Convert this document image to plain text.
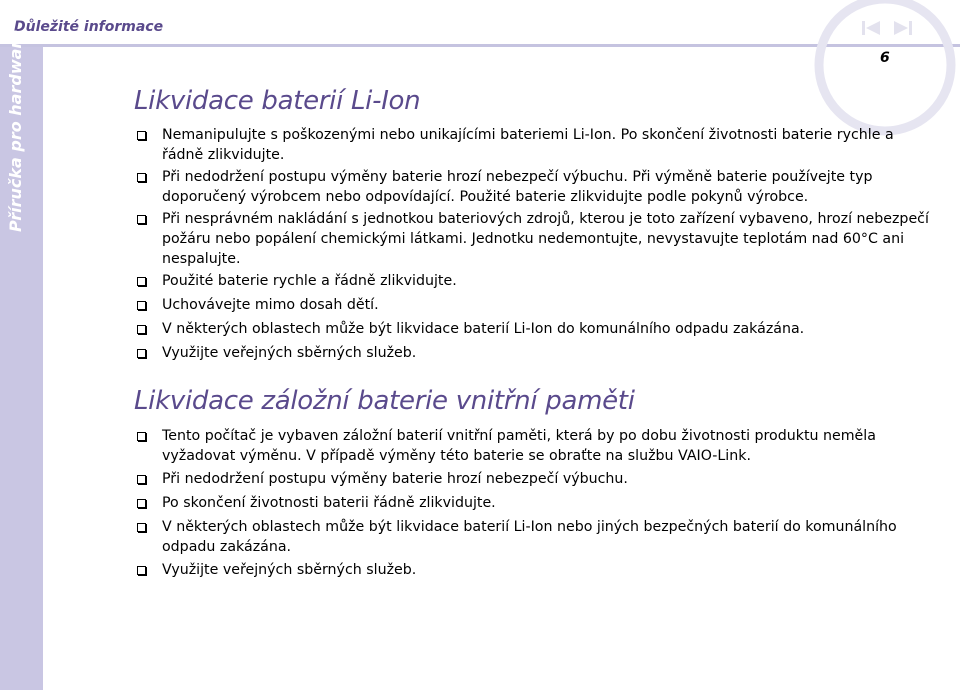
Důležité informace
6
Příručka pro hardware	Likvidace baterií Li-Ion
Nemanipulujte s poškozenými nebo unikajícími bateriemi Li-Ion. Po skončení životnosti baterie rychle a řádně zlikvidujte.
Při nedodržení postupu výměny baterie hrozí nebezpečí výbuchu. Při výměně baterie používejte typ doporučený výrobcem nebo odpovídající. Použité baterie zlikvidujte podle pokynů výrobce.
Při nesprávném nakládání s jednotkou bateriových zdrojů, kterou je toto zařízení vybaveno, hrozí nebezpečí požáru nebo popálení chemickými látkami. Jednotku nedemontujte, nevystavujte teplotám nad 60°C ani nespalujte.
Použité baterie rychle a řádně zlikvidujte.
Uchovávejte mimo dosah dětí.
V některých oblastech může být likvidace baterií Li-Ion do komunálního odpadu zakázána.
Využijte veřejných sběrných služeb.
Likvidace záložní baterie vnitřní paměti
Tento počítač je vybaven záložní baterií vnitřní paměti, která by po dobu životnosti produktu neměla vyžadovat výměnu. V případě výměny této baterie se obraťte na službu VAIO-Link.
Při nedodržení postupu výměny baterie hrozí nebezpečí výbuchu.
Po skončení životnosti baterii řádně zlikvidujte.
V některých oblastech může být likvidace baterií Li-Ion nebo jiných bezpečných baterií do komunálního odpadu zakázána.
Využijte veřejných sběrných služeb.
